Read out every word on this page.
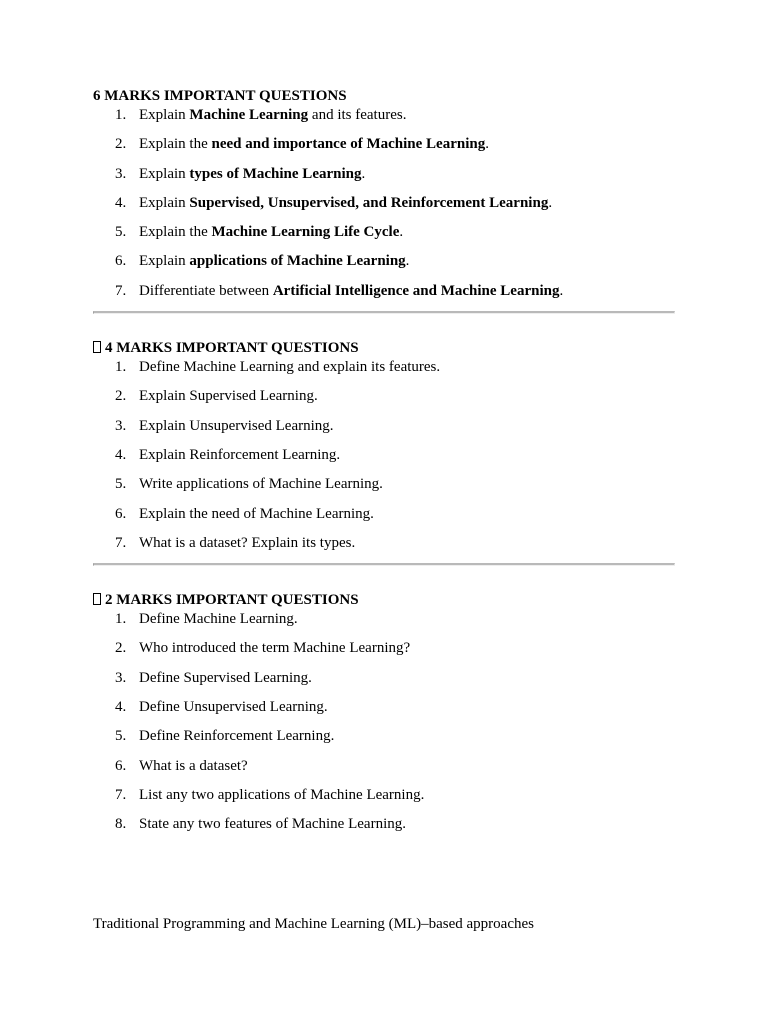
6 MARKS IMPORTANT QUESTIONS
1. Explain Machine Learning and its features.
2. Explain the need and importance of Machine Learning.
3. Explain types of Machine Learning.
4. Explain Supervised, Unsupervised, and Reinforcement Learning.
5. Explain the Machine Learning Life Cycle.
6. Explain applications of Machine Learning.
7. Differentiate between Artificial Intelligence and Machine Learning.
4 MARKS IMPORTANT QUESTIONS
1. Define Machine Learning and explain its features.
2. Explain Supervised Learning.
3. Explain Unsupervised Learning.
4. Explain Reinforcement Learning.
5. Write applications of Machine Learning.
6. Explain the need of Machine Learning.
7. What is a dataset? Explain its types.
2 MARKS IMPORTANT QUESTIONS
1. Define Machine Learning.
2. Who introduced the term Machine Learning?
3. Define Supervised Learning.
4. Define Unsupervised Learning.
5. Define Reinforcement Learning.
6. What is a dataset?
7. List any two applications of Machine Learning.
8. State any two features of Machine Learning.

Traditional Programming and Machine Learning (ML)–based approaches
